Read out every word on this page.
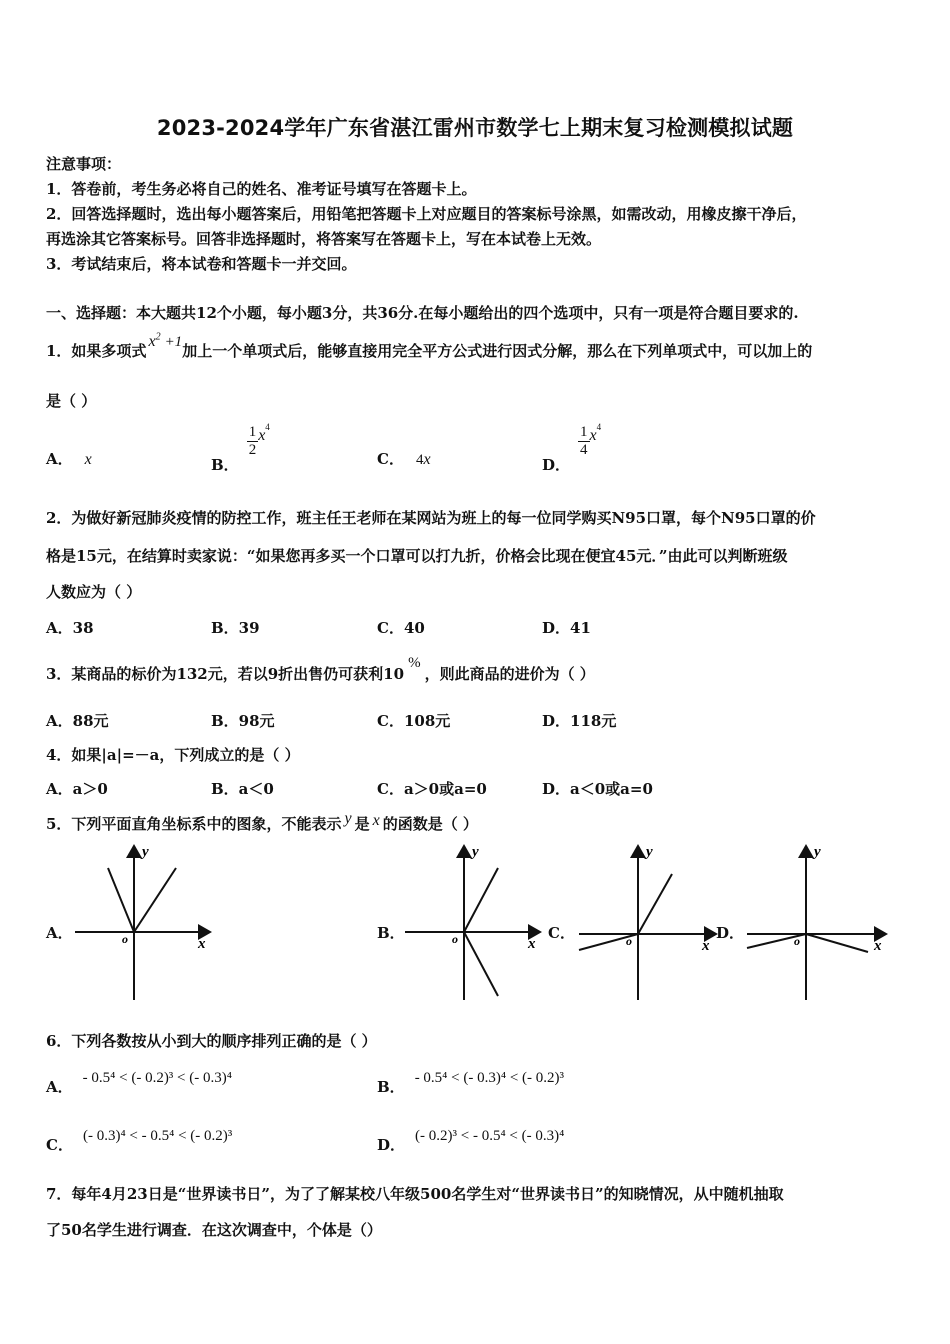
2023-2024学年广东省湛江雷州市数学七上期末复习检测模拟试题
注意事项：
1．答卷前，考生务必将自己的姓名、准考证号填写在答题卡上。
2．回答选择题时，选出每小题答案后，用铅笔把答题卡上对应题目的答案标号涂黑，如需改动，用橡皮擦干净后，
再选涂其它答案标号。回答非选择题时，将答案写在答题卡上，写在本试卷上无效。
3．考试结束后，将本试卷和答题卡一并交回。
一、选择题：本大题共12个小题，每小题3分，共36分.在每小题给出的四个选项中，只有一项是符合题目要求的.
1．如果多项式$x^2 +1$加上一个单项式后，能够直接用完全平方公式进行因式分解，那么在下列单项式中，可以加上的
是（ ）
A． x	B．
$\frac{1}{2} x^4$
C． 4x	D．
$\frac{1}{4} x^4$
2．为做好新冠肺炎疫情的防控工作，班主任王老师在某网站为班上的每一位同学购买N95口罩，每个N95口罩的价
格是15元，在结算时卖家说：“如果您再多买一个口罩可以打九折，价格会比现在便宜45元．”由此可以判断班级
人数应为（ ）
A．38	B．39	C．40	D．41
3．某商品的标价为132元，若以9折出售仍可获利10%，则此商品的进价为（ ）
A．88元	B．98元	C．108元	D．118元
4．如果|a|=－a，下列成立的是（ ）
A．a＞0	B．a＜0	C．a＞0或a=0	D．a＜0或a=0
5．下列平面直角坐标系中的图象，不能表示 y 是 x 的函数是（ ）
A．	B．	C．	D．
y
x
o
y
x
o
y
x
o
y
x
o
6．下列各数按从小到大的顺序排列正确的是（ ）
A． - 0.5⁴ < (- 0.2)³ < (- 0.3)⁴	B． - 0.5⁴ < (- 0.3)⁴ < (- 0.2)³
C． (- 0.3)⁴ < - 0.5⁴ < (- 0.2)³	D． (- 0.2)³ < - 0.5⁴ < (- 0.3)⁴
7．每年4月23日是“世界读书日”，为了了解某校八年级500名学生对“世界读书日”的知晓情况，从中随机抽取
了50名学生进行调查．在这次调查中，个体是（）
